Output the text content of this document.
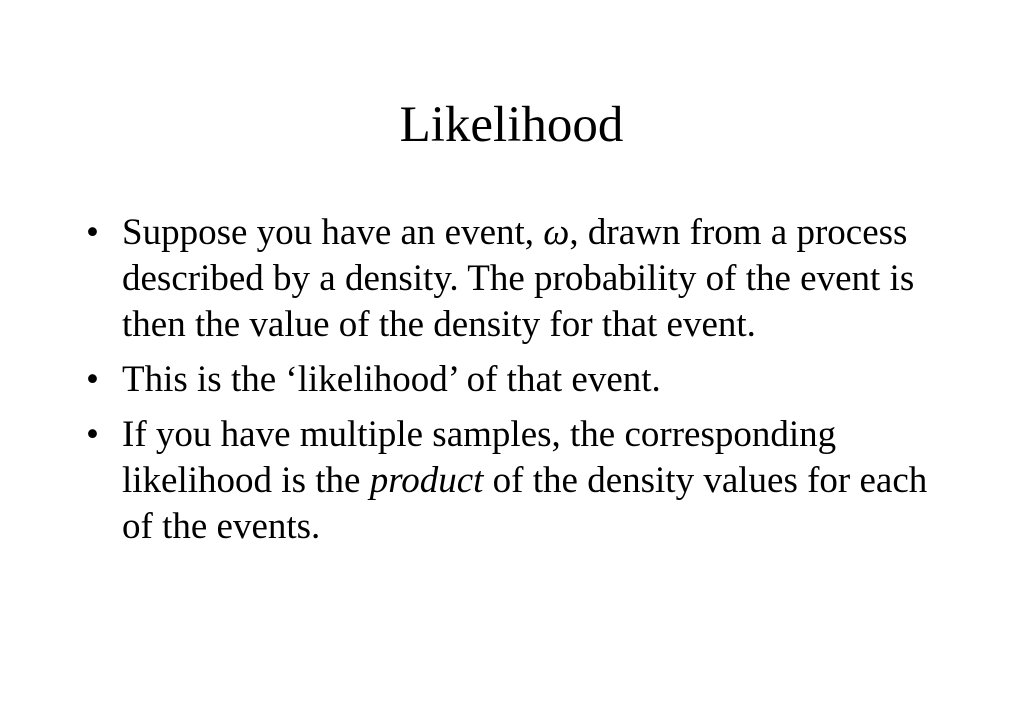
Likelihood
• Suppose you have an event, ω, drawn from a process described by a density. The probability of the event is then the value of the density for that event.
• This is the ‘likelihood’ of that event.
• If you have multiple samples, the corresponding likelihood is the product of the density values for each of the events.
